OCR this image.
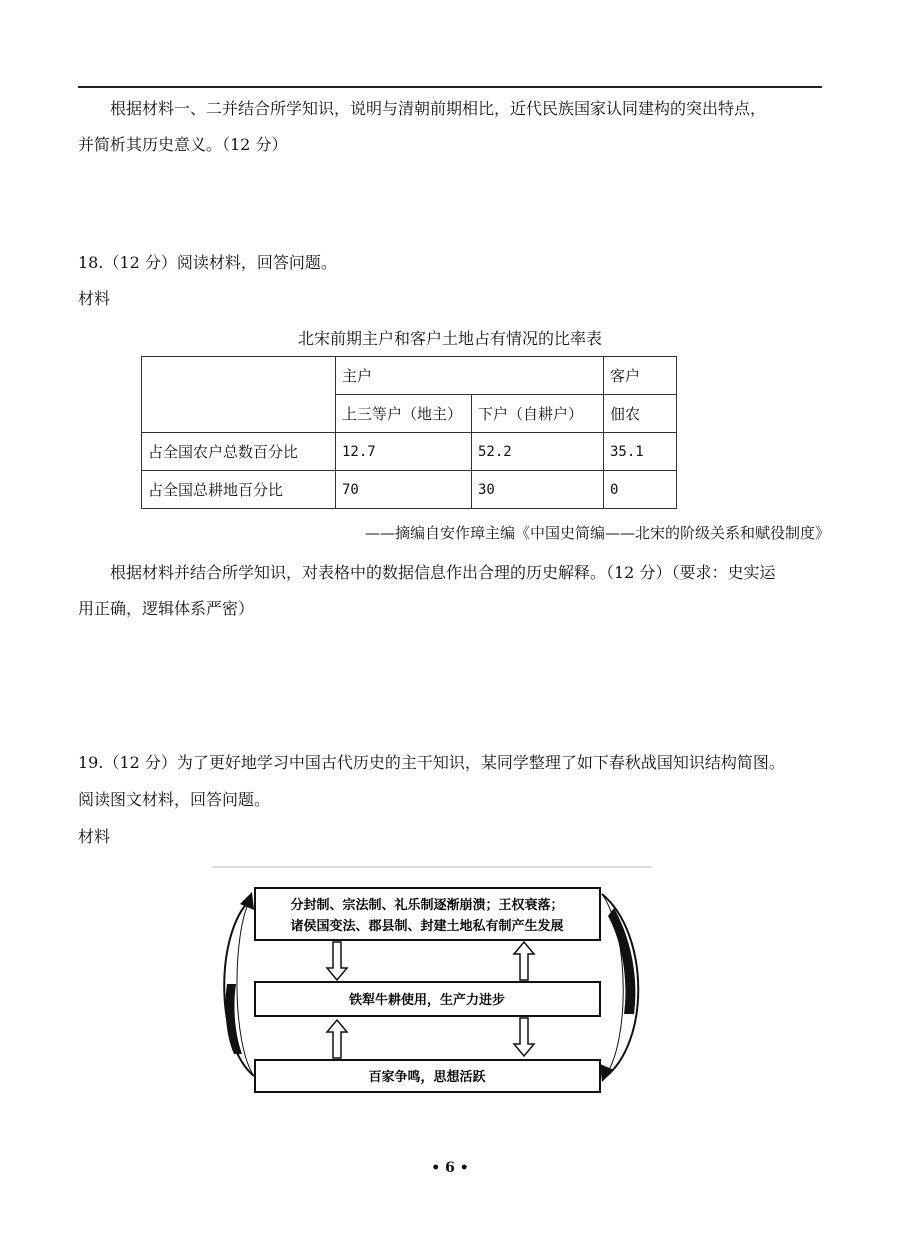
根据材料一、二并结合所学知识，说明与清朝前期相比，近代民族国家认同建构的突出特点，
并简析其历史意义。（12 分）
18.（12 分）阅读材料，回答问题。
材料
北宋前期主户和客户土地占有情况的比率表
	主户		客户
	上三等户（地主）	下户（自耕户）	佃农
占全国农户总数百分比	12.7	52.2	35.1
占全国总耕地百分比	70	30	0
——摘编自安作璋主编《中国史简编——北宋的阶级关系和赋役制度》
根据材料并结合所学知识，对表格中的数据信息作出合理的历史解释。（12 分）（要求：史实运
用正确，逻辑体系严密）
19.（12 分）为了更好地学习中国古代历史的主干知识，某同学整理了如下春秋战国知识结构简图。
阅读图文材料，回答问题。
材料
分封制、宗法制、礼乐制逐渐崩溃；王权衰落；
诸侯国变法、郡县制、封建土地私有制产生发展
铁犁牛耕使用，生产力进步
百家争鸣，思想活跃
• 6 •
